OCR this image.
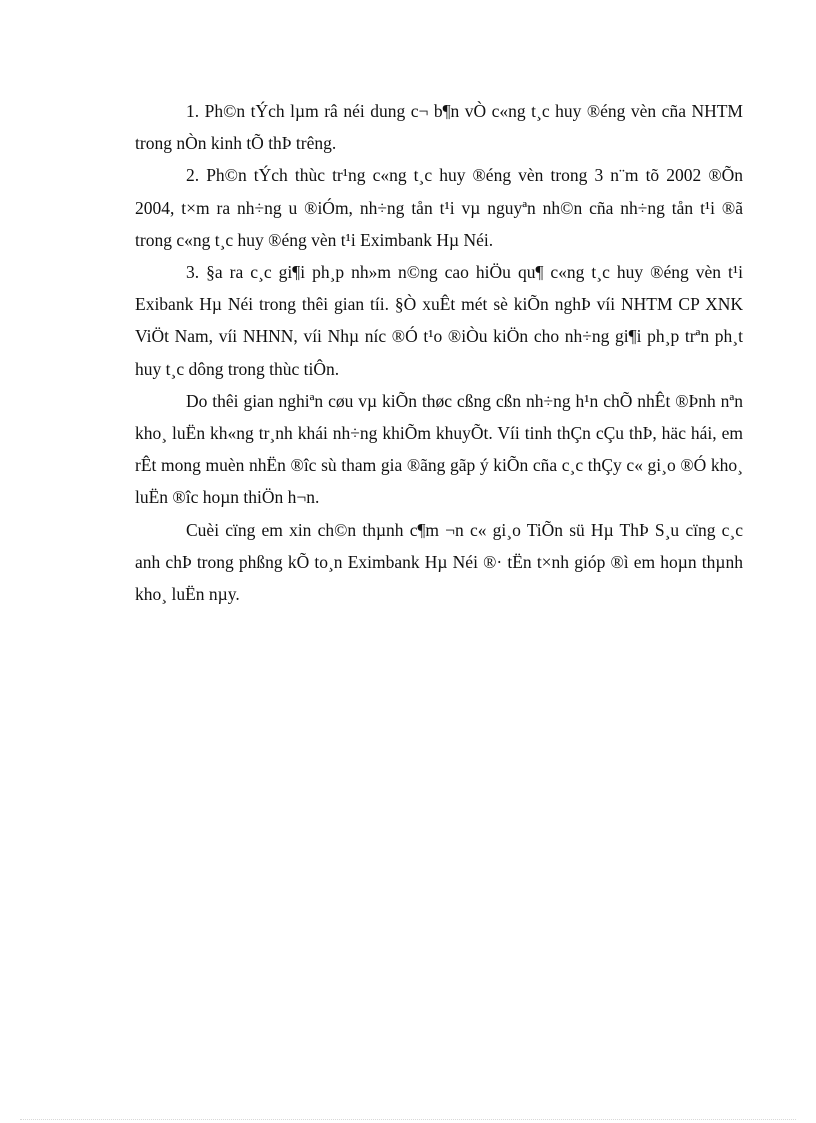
1. Ph©n tÝch lµm râ néi dung c¬ b¶n vÒ c«ng t¸c huy ®éng vèn cña NHTM trong nÒn kinh tÕ thÞ trêng.

2. Ph©n tÝch thùc tr¹ng c«ng t¸c huy ®éng vèn trong 3 n¨m tõ 2002 ®Õn 2004, t×m ra nh÷ng u ®iÓm, nh÷ng tån t¹i vµ nguyªn nh©n cña nh÷ng tån t¹i ®ã trong c«ng t¸c huy ®éng vèn t¹i Eximbank Hµ Néi.

3. §a ra c¸c gi¶i ph¸p nh»m n©ng cao hiÖu qu¶ c«ng t¸c huy ®éng vèn t¹i Exibank Hµ Néi trong thêi gian tíi. §Ò xuÊt mét sè kiÕn nghÞ víi NHTM CP XNK ViÖt Nam, víi NHNN, víi Nhµ níc ®Ó t¹o ®iÒu kiÖn cho nh÷ng gi¶i ph¸p trªn ph¸t huy t¸c dông trong thùc tiÔn.

Do thêi gian nghiªn cøu vµ kiÕn thøc cßng cßn nh÷ng h¹n chÕ nhÊt ®Þnh nªn kho¸ luËn kh«ng tr¸nh khái nh÷ng khiÕm khuyÕt. Víi tinh thÇn cÇu thÞ, häc hái, em rÊt mong muèn nhËn ®îc sù tham gia ®ãng gãp ý kiÕn cña c¸c thÇy c« gi¸o ®Ó kho¸ luËn ®îc hoµn thiÖn h¬n.

Cuèi cïng em xin ch©n thµnh c¶m ¬n c« gi¸o TiÕn sü Hµ ThÞ S¸u cïng c¸c anh chÞ trong phßng kÕ to¸n Eximbank Hµ Néi ®· tËn t×nh gióp ®ì em hoµn thµnh kho¸ luËn nµy.
